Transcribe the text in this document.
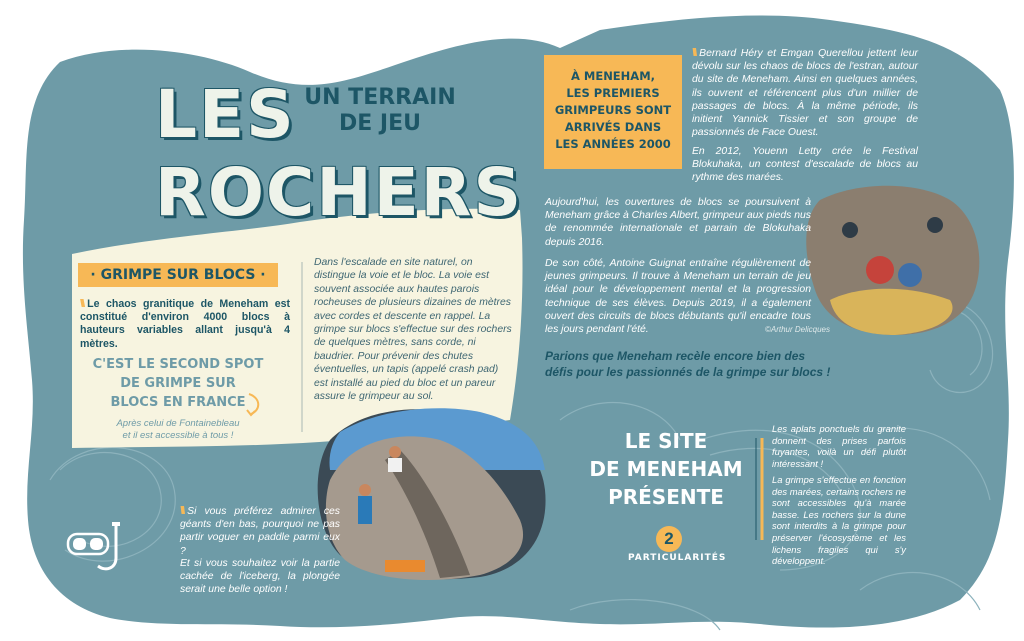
LES
ROCHERS
UN TERRAIN
DE JEU
· GRIMPE SUR BLOCS ·
\\\ Le chaos granitique de Meneham est constitué d'environ 4000 blocs à hauteurs variables allant jusqu'à 4 mètres.
C'EST LE SECOND SPOT
DE GRIMPE SUR
BLOCS EN FRANCE
Après celui de Fontainebleau
et il est accessible à tous !
Dans l'escalade en site naturel, on distingue la voie et le bloc. La voie est souvent associée aux hautes parois rocheuses de plusieurs dizaines de mètres avec cordes et descente en rappel. La grimpe sur blocs s'effectue sur des rochers de quelques mètres, sans corde, ni baudrier. Pour prévenir des chutes éventuelles, un tapis (appelé crash pad) est installé au pied du bloc et un pareur assure le grimpeur au sol.
\\\ Si vous préférez admirer ces géants d'en bas, pourquoi ne pas partir voguer en paddle parmi eux ?
Et si vous souhaitez voir la partie cachée de l'iceberg, la plongée serait une belle option !
À MENEHAM,
LES PREMIERS
GRIMPEURS SONT
ARRIVÉS DANS
LES ANNÉES 2000
\\\ Bernard Héry et Emgan Querellou jettent leur dévolu sur les chaos de blocs de l'estran, autour du site de Meneham. Ainsi en quelques années, ils ouvrent et référencent plus d'un millier de passages de blocs. À la même période, ils initient Yannick Tissier et son groupe de passionnés de Face Ouest.
En 2012, Youenn Letty crée le Festival Blokuhaka, un contest d'escalade de blocs au rythme des marées.
Aujourd'hui, les ouvertures de blocs se poursuivent à Meneham grâce à Charles Albert, grimpeur aux pieds nus de renommée internationale et parrain de Blokuhaka depuis 2016.
De son côté, Antoine Guignat entraîne régulièrement de jeunes grimpeurs. Il trouve à Meneham un terrain de jeu idéal pour le développement mental et la progression technique de ses élèves. Depuis 2019, il a également ouvert des circuits de blocs débutants qu'il encadre tous les jours pendant l'été.	©Arthur Delicques
Parions que Meneham recèle encore bien des
défis pour les passionnés de la grimpe sur blocs !
LE SITE
DE MENEHAM
PRÉSENTE
2
PARTICULARITÉS
Les aplats ponctuels du granite donnent des prises parfois fuyantes, voilà un défi plutôt intéressant !
La grimpe s'effectue en fonction des marées, certains rochers ne sont accessibles qu'à marée basse. Les rochers sur la dune sont interdits à la grimpe pour préserver l'écosystème et les lichens fragiles qui s'y développent.
